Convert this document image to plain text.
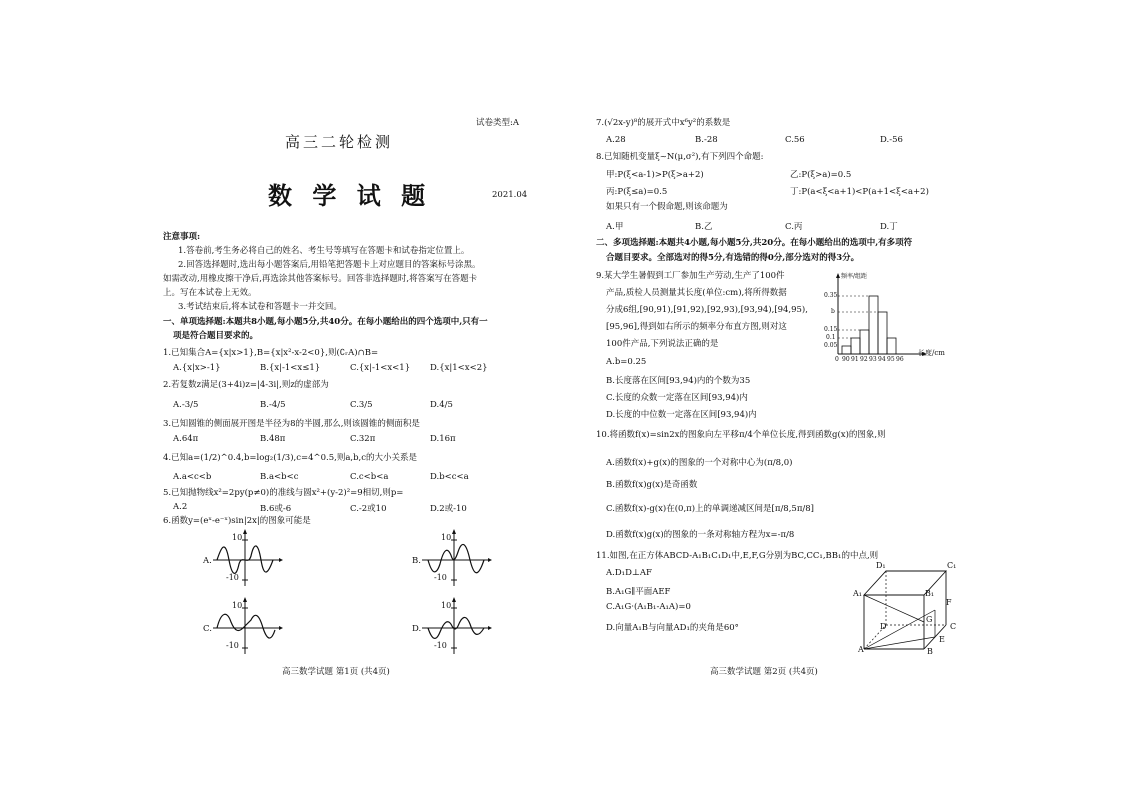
试卷类型:A
高三二轮检测
数 学 试 题	2021.04
注意事项:
1.答卷前,考生务必将自己的姓名、考生号等填写在答题卡和试卷指定位置上。
2.回答选择题时,选出每小题答案后,用铅笔把答题卡上对应题目的答案标号涂黑。
如需改动,用橡皮擦干净后,再选涂其他答案标号。回答非选择题时,将答案写在答题卡
上。写在本试卷上无效。
3.考试结束后,将本试卷和答题卡一并交回。
一、单项选择题:本题共8小题,每小题5分,共40分。在每小题给出的四个选项中,只有一
项是符合题目要求的。
1.已知集合A={x|x>1},B={x|x²-x-2<0},则(∁ᵣA)∩B=
A.{x|x>-1}	B.{x|-1<x≤1}	C.{x|-1<x<1} D.{x|1<x<2}
2.若复数z满足(3+4i)z=|4-3i|,则z的虚部为
A.-3/5	B.-4/5	C.3/5	D.4/5
3.已知圆锥的侧面展开图是半径为8的半圆,那么,则该圆锥的侧面积是
A.64π	B.48π	C.32π	D.16π
4.已知a=(1/2)^0.4,b=log₂(1/3),c=4^0.5,则a,b,c的大小关系是
A.a<c<b	B.a<b<c	C.c<b<a	D.b<c<a
5.已知抛物线x²=2py(p≠0)的准线与圆x²+(y-2)²=9相切,则p=
A.2	B.6或-6	C.-2或10	D.2或-10
6.函数y=(eˣ-e⁻ˣ)sin|2x|的图象可能是
A.	B.
C.	D.
10
-10
10
-10
10
-10
10
-10
高三数学试题 第1页 (共4页)
7.(√2x-y)⁸的展开式中x⁶y²的系数是
A.28	B.-28	C.56	D.-56
8.已知随机变量ξ~N(μ,σ²),有下列四个命题:
甲:P(ξ<a-1)>P(ξ>a+2)	乙:P(ξ>a)=0.5
丙:P(ξ≤a)=0.5	丁:P(a<ξ<a+1)<P(a+1<ξ<a+2)
如果只有一个假命题,则该命题为
A.甲	B.乙	C.丙	D.丁
二、多项选择题:本题共4小题,每小题5分,共20分。在每小题给出的选项中,有多项符
合题目要求。全部选对的得5分,有选错的得0分,部分选对的得3分。
9.某大学生暑假到工厂参加生产劳动,生产了100件
产品,质检人员测量其长度(单位:cm),将所得数据
分成6组,[90,91),[91,92),[92,93),[93,94),[94,95),
[95,96],得到如右所示的频率分布直方图,则对这
100件产品,下列说法正确的是
A.b=0.25
B.长度落在区间[93,94)内的个数为35
C.长度的众数一定落在区间[93,94)内
D.长度的中位数一定落在区间[93,94)内
频率/组距
长度/cm
0.35
b
0.15
0.1
0.05
0 90 91 92 93 94 95 96
10.将函数f(x)=sin2x的图象向左平移π/4个单位长度,得到函数g(x)的图象,则
A.函数f(x)+g(x)的图象的一个对称中心为(π/8,0)
B.函数f(x)g(x)是奇函数
C.函数f(x)-g(x)在(0,π)上的单调递减区间是[π/8,5π/8]
D.函数f(x)g(x)的图象的一条对称轴方程为x=-π/8
11.如图,在正方体ABCD-A₁B₁C₁D₁中,E,F,G分别为BC,CC₁,BB₁的中点,则
A.D₁D⊥AF
B.A₁G∥平面AEF
C.A₁G·(A₁B₁-A₁A)=0
D.向量A₁B与向量AD₁的夹角是60°
D₁	C₁
A₁	B₁
F
G
D	C
A	B
E
高三数学试题 第2页 (共4页)
